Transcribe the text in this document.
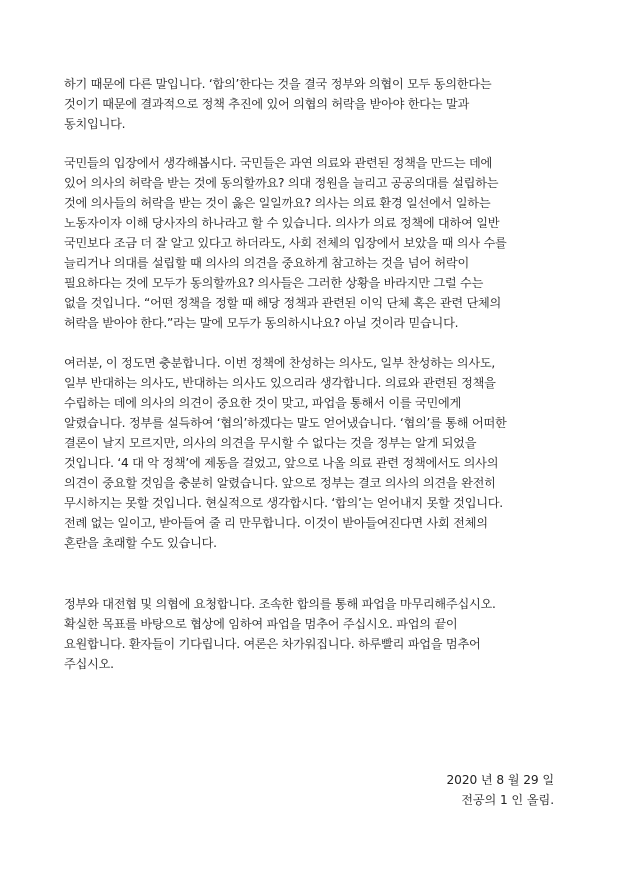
하기 때문에 다른 말입니다. ‘합의’한다는 것을 결국 정부와 의협이 모두 동의한다는
것이기 때문에 결과적으로 정책 추진에 있어 의협의 허락을 받아야 한다는 말과
동치입니다.
국민들의 입장에서 생각해봅시다. 국민들은 과연 의료와 관련된 정책을 만드는 데에
있어 의사의 허락을 받는 것에 동의할까요? 의대 정원을 늘리고 공공의대를 설립하는
것에 의사들의 허락을 받는 것이 옳은 일일까요? 의사는 의료 환경 일선에서 일하는
노동자이자 이해 당사자의 하나라고 할 수 있습니다. 의사가 의료 정책에 대하여 일반
국민보다 조금 더 잘 알고 있다고 하더라도, 사회 전체의 입장에서 보았을 때 의사 수를
늘리거나 의대를 설립할 때 의사의 의견을 중요하게 참고하는 것을 넘어 허락이
필요하다는 것에 모두가 동의할까요? 의사들은 그러한 상황을 바라지만 그럴 수는
없을 것입니다. “어떤 정책을 정할 때 해당 정책과 관련된 이익 단체 혹은 관련 단체의
허락을 받아야 한다.”라는 말에 모두가 동의하시나요? 아닐 것이라 믿습니다.
여러분, 이 정도면 충분합니다. 이번 정책에 찬성하는 의사도, 일부 찬성하는 의사도,
일부 반대하는 의사도, 반대하는 의사도 있으리라 생각합니다. 의료와 관련된 정책을
수립하는 데에 의사의 의견이 중요한 것이 맞고, 파업을 통해서 이를 국민에게
알렸습니다. 정부를 설득하여 ‘협의’하겠다는 말도 얻어냈습니다. ‘협의’를 통해 어떠한
결론이 날지 모르지만, 의사의 의견을 무시할 수 없다는 것을 정부는 알게 되었을
것입니다. ‘4 대 악 정책’에 제동을 걸었고, 앞으로 나올 의료 관련 정책에서도 의사의
의견이 중요할 것임을 충분히 알렸습니다. 앞으로 정부는 결코 의사의 의견을 완전히
무시하지는 못할 것입니다. 현실적으로 생각합시다. ‘합의’는 얻어내지 못할 것입니다.
전례 없는 일이고, 받아들여 줄 리 만무합니다. 이것이 받아들여진다면 사회 전체의
혼란을 초래할 수도 있습니다.
정부와 대전협 및 의협에 요청합니다. 조속한 합의를 통해 파업을 마무리해주십시오.
확실한 목표를 바탕으로 협상에 임하여 파업을 멈추어 주십시오. 파업의 끝이
요원합니다. 환자들이 기다립니다. 여론은 차가워집니다. 하루빨리 파업을 멈추어
주십시오.
2020 년 8 월 29 일
전공의 1 인 올림.
